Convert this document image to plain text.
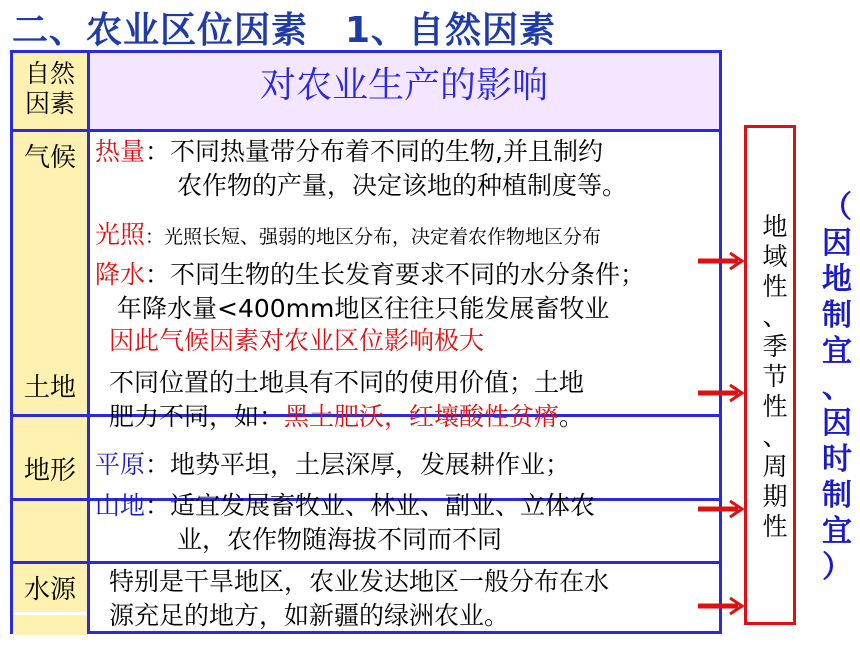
二、农业区位因素　1、自然因素
自然
因素	对农业生产的影响
气候
土地
地形
水源
热量：不同热量带分布着不同的生物,并且制约
农作物的产量，决定该地的种植制度等。
光照：光照长短、强弱的地区分布，决定着农作物地区分布
降水：不同生物的生长发育要求不同的水分条件；
年降水量<400mm地区往往只能发展畜牧业
因此气候因素对农业区位影响极大
不同位置的土地具有不同的使用价值；土地
肥力不同，如：黑土肥沃，红壤酸性贫瘠。
平原：地势平坦，土层深厚，发展耕作业；
山地：适宜发展畜牧业、林业、副业、立体农
业，农作物随海拔不同而不同
特别是干旱地区，农业发达地区一般分布在水
源充足的地方，如新疆的绿洲农业。
地
域
性
、
季
节
性
、
周
期
性
（
因
地
制
宜
、
因
时
制
宜
）
